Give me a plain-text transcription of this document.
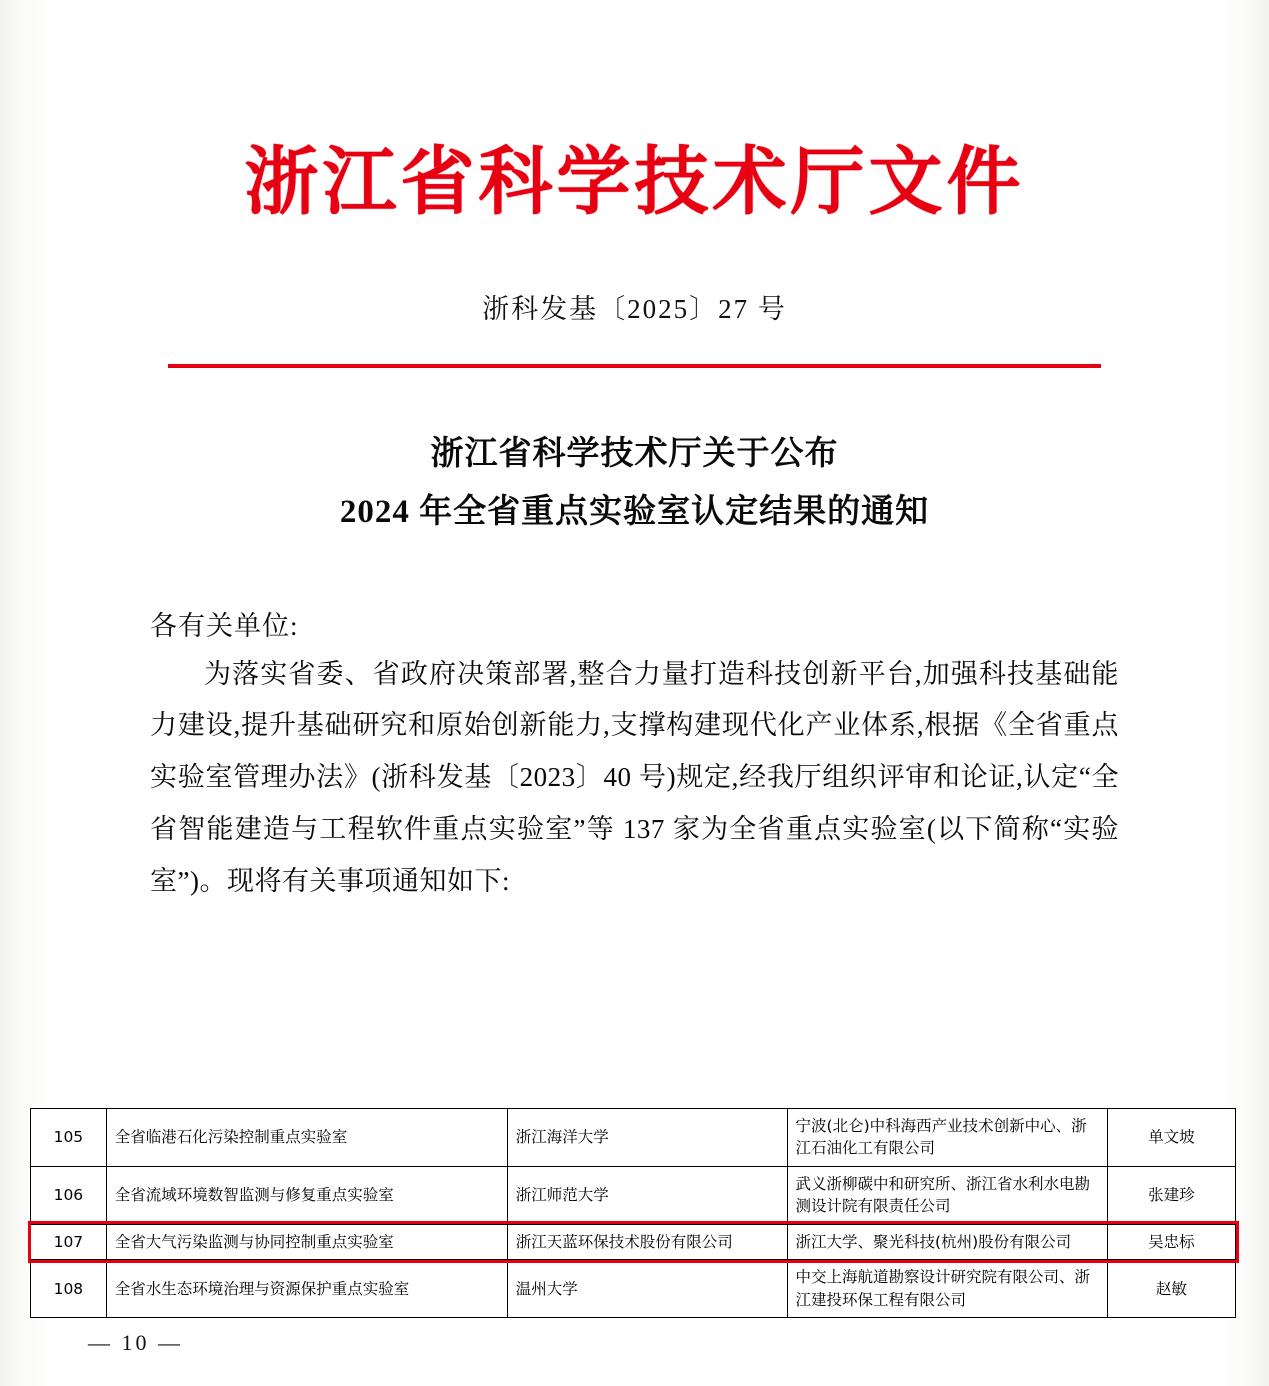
浙江省科学技术厅文件
浙科发基〔2025〕27 号
浙江省科学技术厅关于公布
2024 年全省重点实验室认定结果的通知
各有关单位:
为落实省委、省政府决策部署,整合力量打造科技创新平台,加强科技基础能力建设,提升基础研究和原始创新能力,支撑构建现代化产业体系,根据《全省重点实验室管理办法》(浙科发基〔2023〕40 号)规定,经我厅组织评审和论证,认定“全省智能建造与工程软件重点实验室”等 137 家为全省重点实验室(以下简称“实验室”)。现将有关事项通知如下:
105	全省临港石化污染控制重点实验室	浙江海洋大学	宁波(北仑)中科海西产业技术创新中心、浙江石油化工有限公司	单文坡
106	全省流域环境数智监测与修复重点实验室	浙江师范大学	武义浙柳碳中和研究所、浙江省水利水电勘测设计院有限责任公司	张建珍
107	全省大气污染监测与协同控制重点实验室	浙江天蓝环保技术股份有限公司	浙江大学、聚光科技(杭州)股份有限公司	吴忠标
108	全省水生态环境治理与资源保护重点实验室	温州大学	中交上海航道勘察设计研究院有限公司、浙江建投环保工程有限公司	赵敏
— 10 —
